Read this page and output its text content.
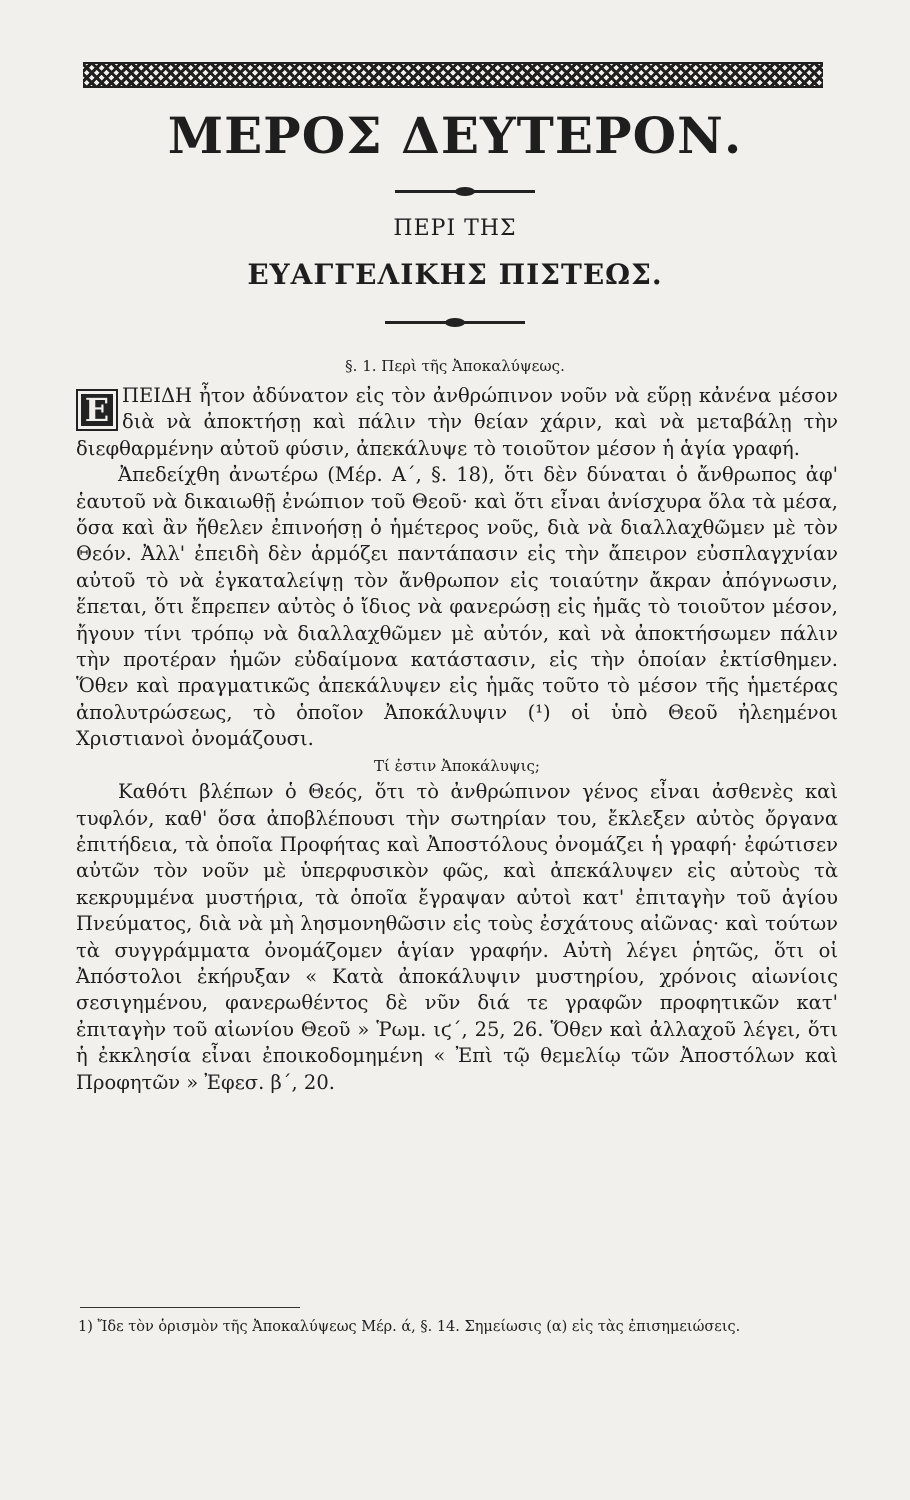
ΜΕΡΟΣ ΔΕΥΤΕΡΟΝ.
ΠΕΡΙ ΤΗΣ
ΕΥΑΓΓΕΛΙΚΗΣ ΠΙΣΤΕΩΣ.
§. 1. Περὶ τῆς Ἀποκαλύψεως.

Ε ΠΕΙΔΗ ἦτον ἀδύνατον εἰς τὸν ἀνθρώπινον νοῦν νὰ εὕρῃ κἀνένα μέσον διὰ νὰ ἀποκτήσῃ καὶ πάλιν τὴν θείαν χάριν, καὶ νὰ μεταβάλῃ τὴν διεφθαρμένην αὐτοῦ φύσιν, ἀπεκάλυψε τὸ τοιοῦτον μέσον ἡ ἁγία γραφή.

Ἀπεδείχθη ἀνωτέρω (Μέρ. Α΄, §. 18), ὅτι δὲν δύναται ὁ ἄνθρωπος ἀφ' ἑαυτοῦ νὰ δικαιωθῇ ἐνώπιον τοῦ Θεοῦ· καὶ ὅτι εἶναι ἀνίσχυρα ὅλα τὰ μέσα, ὅσα καὶ ἂν ἤθελεν ἐπινοήσῃ ὁ ἡμέτερος νοῦς, διὰ νὰ διαλλαχθῶμεν μὲ τὸν Θεόν. Ἀλλ' ἐπειδὴ δὲν ἁρμόζει παντάπασιν εἰς τὴν ἄπειρον εὐσπλαγχνίαν αὐτοῦ τὸ νὰ ἐγκαταλείψῃ τὸν ἄνθρωπον εἰς τοιαύτην ἄκραν ἀπόγνωσιν, ἕπεται, ὅτι ἔπρεπεν αὐτὸς ὁ ἴδιος νὰ φανερώσῃ εἰς ἡμᾶς τὸ τοιοῦτον μέσον, ἤγουν τίνι τρόπῳ νὰ διαλλαχθῶμεν μὲ αὐτόν, καὶ νὰ ἀποκτήσωμεν πάλιν τὴν προτέραν ἡμῶν εὐδαίμονα κατάστασιν, εἰς τὴν ὁποίαν ἐκτίσθημεν. Ὅθεν καὶ πραγματικῶς ἀπεκάλυψεν εἰς ἡμᾶς τοῦτο τὸ μέσον τῆς ἡμετέρας ἀπολυτρώσεως, τὸ ὁποῖον Ἀποκάλυψιν (¹) οἱ ὑπὸ Θεοῦ ἠλεημένοι Χριστιανοὶ ὀνομάζουσι.

Τί ἐστιν Ἀποκάλυψις;

Καθότι βλέπων ὁ Θεός, ὅτι τὸ ἀνθρώπινον γένος εἶναι ἀσθενὲς καὶ τυφλόν, καθ' ὅσα ἀποβλέπουσι τὴν σωτηρίαν του, ἔκλεξεν αὐτὸς ὄργανα ἐπιτήδεια, τὰ ὁποῖα Προφήτας καὶ Ἀποστόλους ὀνομάζει ἡ γραφή· ἐφώτισεν αὐτῶν τὸν νοῦν μὲ ὑπερφυσικὸν φῶς, καὶ ἀπεκάλυψεν εἰς αὐτοὺς τὰ κεκρυμμένα μυστήρια, τὰ ὁποῖα ἔγραψαν αὐτοὶ κατ' ἐπιταγὴν τοῦ ἁγίου Πνεύματος, διὰ νὰ μὴ λησμονηθῶσιν εἰς τοὺς ἐσχάτους αἰῶνας· καὶ τούτων τὰ συγγράμματα ὀνομάζομεν ἁγίαν γραφήν. Αὐτὴ λέγει ῥητῶς, ὅτι οἱ Ἀπόστολοι ἐκήρυξαν « Κατὰ ἀποκάλυψιν μυστηρίου, χρόνοις αἰωνίοις σεσιγημένου, φανερωθέντος δὲ νῦν διά τε γραφῶν προφητικῶν κατ' ἐπιταγὴν τοῦ αἰωνίου Θεοῦ » Ῥωμ. ιϛ΄, 25, 26. Ὅθεν καὶ ἀλλαχοῦ λέγει, ὅτι ἡ ἐκκλησία εἶναι ἐποικοδομημένη « Ἐπὶ τῷ θεμελίῳ τῶν Ἀποστόλων καὶ Προφητῶν » Ἐφεσ. β΄, 20.

1) Ἴδε τὸν ὁρισμὸν τῆς Ἀποκαλύψεως Μέρ. ά, §. 14. Σημείωσις (α) εἰς τὰς ἐπισημειώσεις.
